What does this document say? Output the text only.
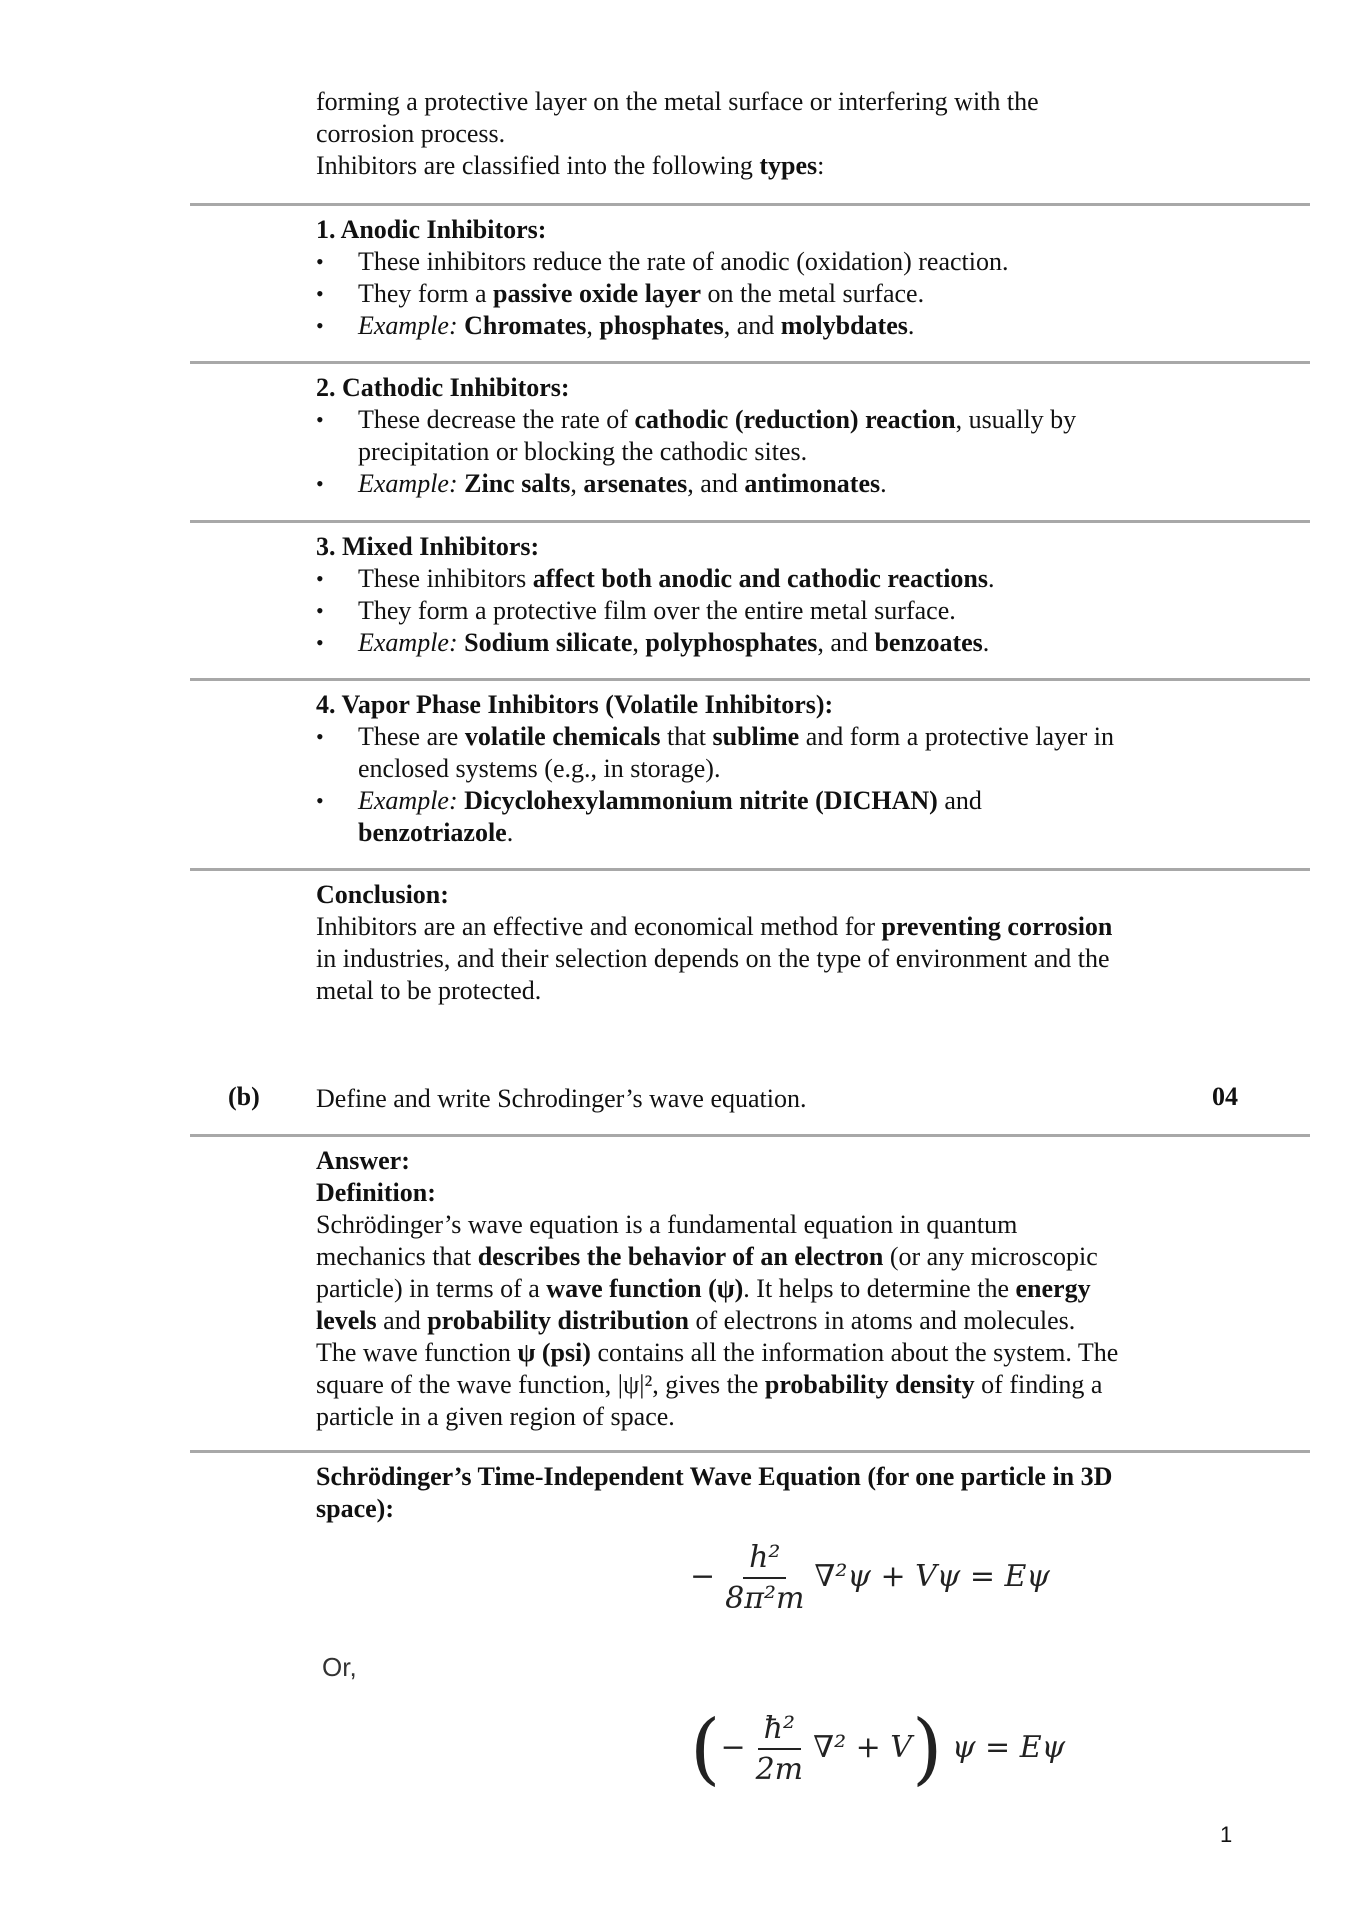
forming a protective layer on the metal surface or interfering with the
corrosion process.
Inhibitors are classified into the following types:
1. Anodic Inhibitors:
• These inhibitors reduce the rate of anodic (oxidation) reaction.
• They form a passive oxide layer on the metal surface.
• Example: Chromates, phosphates, and molybdates.
2. Cathodic Inhibitors:
• These decrease the rate of cathodic (reduction) reaction, usually by
precipitation or blocking the cathodic sites.
• Example: Zinc salts, arsenates, and antimonates.
3. Mixed Inhibitors:
• These inhibitors affect both anodic and cathodic reactions.
• They form a protective film over the entire metal surface.
• Example: Sodium silicate, polyphosphates, and benzoates.
4. Vapor Phase Inhibitors (Volatile Inhibitors):
• These are volatile chemicals that sublime and form a protective layer in
enclosed systems (e.g., in storage).
• Example: Dicyclohexylammonium nitrite (DICHAN) and
benzotriazole.
Conclusion:
Inhibitors are an effective and economical method for preventing corrosion
in industries, and their selection depends on the type of environment and the
metal to be protected.
(b) Define and write Schrodinger’s wave equation.	04
Answer:
Definition:
Schrödinger’s wave equation is a fundamental equation in quantum
mechanics that describes the behavior of an electron (or any microscopic
particle) in terms of a wave function (ψ). It helps to determine the energy
levels and probability distribution of electrons in atoms and molecules.
The wave function ψ (psi) contains all the information about the system. The
square of the wave function, |ψ|², gives the probability density of finding a
particle in a given region of space.
Schrödinger’s Time-Independent Wave Equation (for one particle in 3D
space):
− $\frac{\text{h²}}{\text{8π²m}} \nabla^2\psi + V\psi = E\psi$
Or,
(− $\frac{\text{ħ²}}{2m} \nabla^2 + V$) ψ = Eψ
1
